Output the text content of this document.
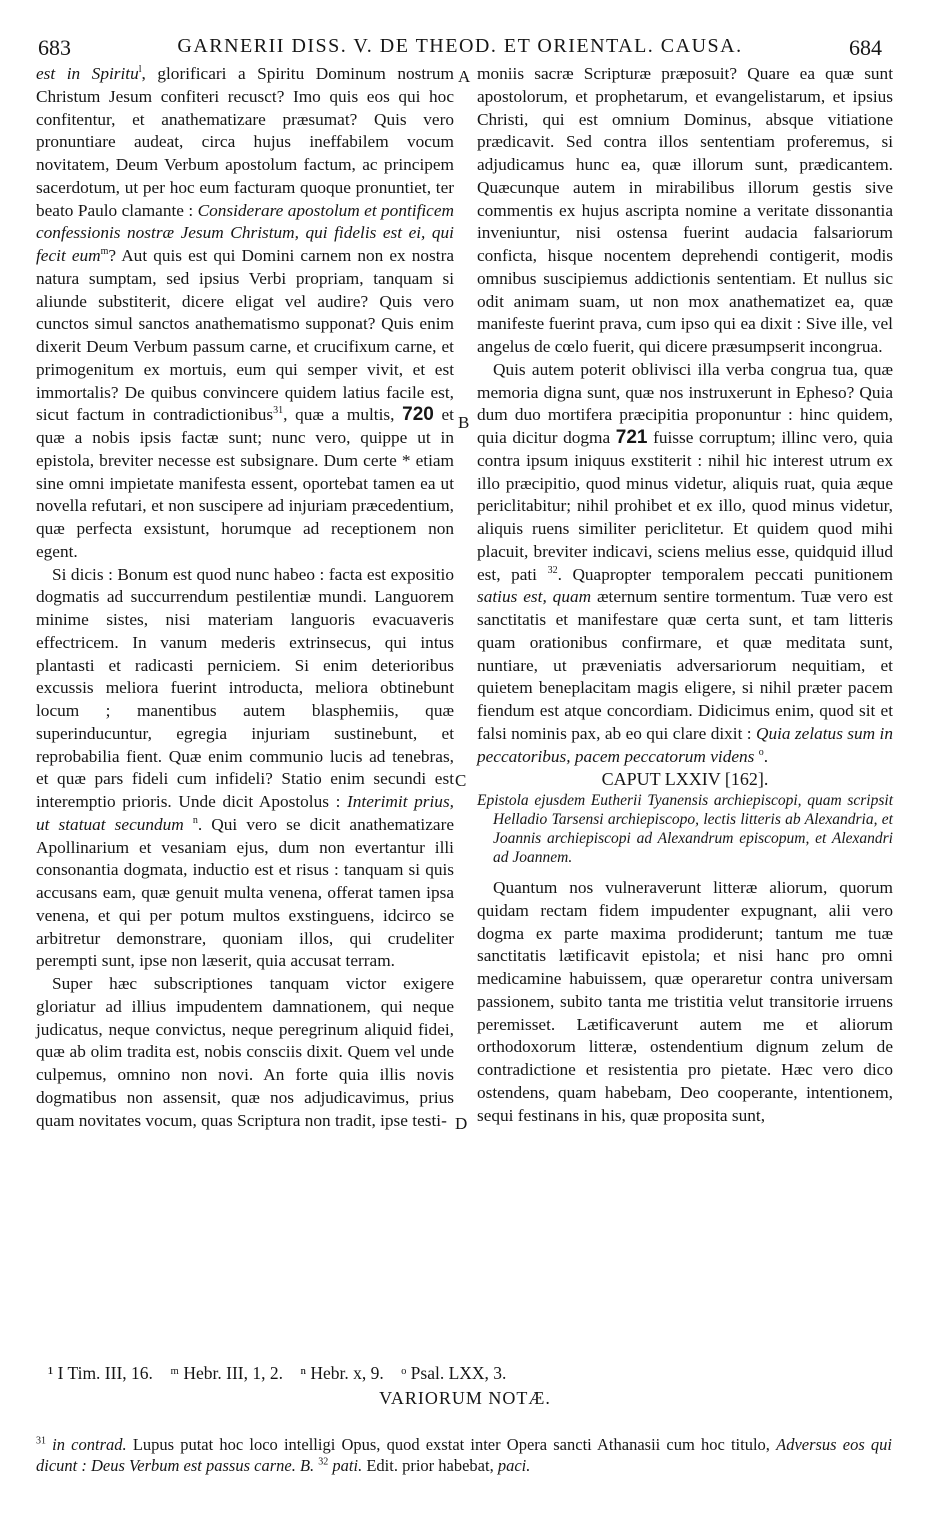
683	GARNERII DISS. V. DE THEOD. ET ORIENTAL. CAUSA.	684
A
B
C
D

est in Spiritu$^l$, glorificari a Spiritu Dominum nostrum Christum Jesum confiteri recusct? Imo quis eos qui hoc confitentur, et anathematizare præsumat? Quis vero pronuntiare audeat, circa hujus ineffabilem vocum novitatem, Deum Verbum apostolum factum, ac principem sacerdotum, ut per hoc eum facturam quoque pronuntiet, ter beato Paulo clamante : Considerare apostolum et pontificem confessionis nostræ Jesum Christum, qui fidelis est ei, qui fecit eum$^m$? Aut quis est qui Domini carnem non ex nostra natura sumptam, sed ipsius Verbi propriam, tanquam si aliunde substiterit, dicere eligat vel audire? Quis vero cunctos simul sanctos anathematismo supponat? Quis enim dixerit Deum Verbum passum carne, et crucifixum carne, et primogenitum ex mortuis, eum qui semper vivit, et est immortalis? De quibus convincere quidem latius facile est, sicut factum in contradictionibus$^{31}$, quæ a multis, 720 et quæ a nobis ipsis factæ sunt; nunc vero, quippe ut in epistola, breviter necesse est subsignare. Dum certe * etiam sine omni impietate manifesta essent, oportebat tamen ea ut novella refutari, et non suscipere ad injuriam præcedentium, quæ perfecta exsistunt, horumque ad receptionem non egent.

Si dicis : Bonum est quod nunc habeo : facta est expositio dogmatis ad succurrendum pestilentiæ mundi. Languorem minime sistes, nisi materiam languoris evacuaveris effectricem. In vanum mederis extrinsecus, qui intus plantasti et radicasti perniciem. Si enim deterioribus excussis meliora fuerint introducta, meliora obtinebunt locum ; manentibus autem blasphemiis, quæ superinducuntur, egregia injuriam sustinebunt, et reprobabilia fient. Quæ enim communio lucis ad tenebras, et quæ pars fideli cum infideli? Statio enim secundi est interemptio prioris. Unde dicit Apostolus : Interimit prius, ut statuat secundum $^n$. Qui vero se dicit anathematizare Apollinarium et vesaniam ejus, dum non evertantur illi consonantia dogmata, inductio est et risus : tanquam si quis accusans eam, quæ genuit multa venena, offerat tamen ipsa venena, et qui per potum multos exstinguens, idcirco se arbitretur demonstrare, quoniam illos, qui crudeliter perempti sunt, ipse non læserit, quia accusat terram.

Super hæc subscriptiones tanquam victor exigere gloriatur ad illius impudentem damnationem, qui neque judicatus, neque convictus, neque peregrinum aliquid fidei, quæ ab olim tradita est, nobis consciis dixit. Quem vel unde culpemus, omnino non novi. An forte quia illis novis dogmatibus non assensit, quæ nos adjudicavimus, prius quam novitates vocum, quas Scriptura non tradit, ipse testi-

moniis sacræ Scripturæ præposuit? Quare ea quæ sunt apostolorum, et prophetarum, et evangelistarum, et ipsius Christi, qui est omnium Dominus, absque vitiatione prædicavit. Sed contra illos sententiam proferemus, si adjudicamus hunc ea, quæ illorum sunt, prædicantem. Quæcunque autem in mirabilibus illorum gestis sive commentis ex hujus ascripta nomine a veritate dissonantia inveniuntur, nisi ostensa fuerint audacia falsariorum conficta, hisque nocentem deprehendi contigerit, modis omnibus suscipiemus addictionis sententiam. Et nullus sic odit animam suam, ut non mox anathematizet ea, quæ manifeste fuerint prava, cum ipso qui ea dixit : Sive ille, vel angelus de cœlo fuerit, qui dicere præsumpserit incongrua.

Quis autem poterit oblivisci illa verba congrua tua, quæ memoria digna sunt, quæ nos instruxerunt in Epheso? Quia dum duo mortifera præcipitia proponuntur : hinc quidem, quia dicitur dogma 721 fuisse corruptum; illinc vero, quia contra ipsum iniquus exstiterit : nihil hic interest utrum ex illo præcipitio, quod minus videtur, aliquis ruat, quia æque periclitabitur; nihil prohibet et ex illo, quod minus videtur, aliquis ruens similiter periclitetur. Et quidem quod mihi placuit, breviter indicavi, sciens melius esse, quidquid illud est, pati $^{32}$. Quapropter temporalem peccati punitionem satius est, quam æternum sentire tormentum. Tuæ vero est sanctitatis et manifestare quæ certa sunt, et tam litteris quam orationibus confirmare, et quæ meditata sunt, nuntiare, ut præveniatis adversariorum nequitiam, et quietem beneplacitam magis eligere, si nihil præter pacem fiendum est atque concordiam. Didicimus enim, quod sit et falsi nominis pax, ab eo qui clare dixit : Quia zelatus sum in peccatoribus, pacem peccatorum videns $^o$.

CAPUT LXXIV [162].

Epistola ejusdem Eutherii Tyanensis archiepiscopi, quam scripsit Helladio Tarsensi archiepiscopo, lectis litteris ab Alexandria, et Joannis archiepiscopi ad Alexandrum episcopum, et Alexandri ad Joannem.

Quantum nos vulneraverunt litteræ aliorum, quorum quidam rectam fidem impudenter expugnant, alii vero dogma ex parte maxima prodiderunt; tantum me tuæ sanctitatis lætificavit epistola; et nisi hanc pro omni medicamine habuissem, quæ operaretur contra universam passionem, subito tanta me tristitia velut transitorie irruens peremisset. Lætificaverunt autem me et aliorum orthodoxorum litteræ, ostendentium dignum zelum de contradictione et resistentia pro pietate. Hæc vero dico ostendens, quam habebam, Deo cooperante, intentionem, sequi festinans in his, quæ proposita sunt,

¹ I Tim. III, 16.    ᵐ Hebr. III, 1, 2.    ⁿ Hebr. x, 9.    ᵒ Psal. LXX, 3.
VARIORUM NOTÆ.
$^{31}$ in contrad. Lupus putat hoc loco intelligi Opus, quod exstat inter Opera sancti Athanasii cum hoc titulo, Adversus eos qui dicunt : Deus Verbum est passus carne. B. $^{32}$ pati. Edit. prior habebat, paci.
